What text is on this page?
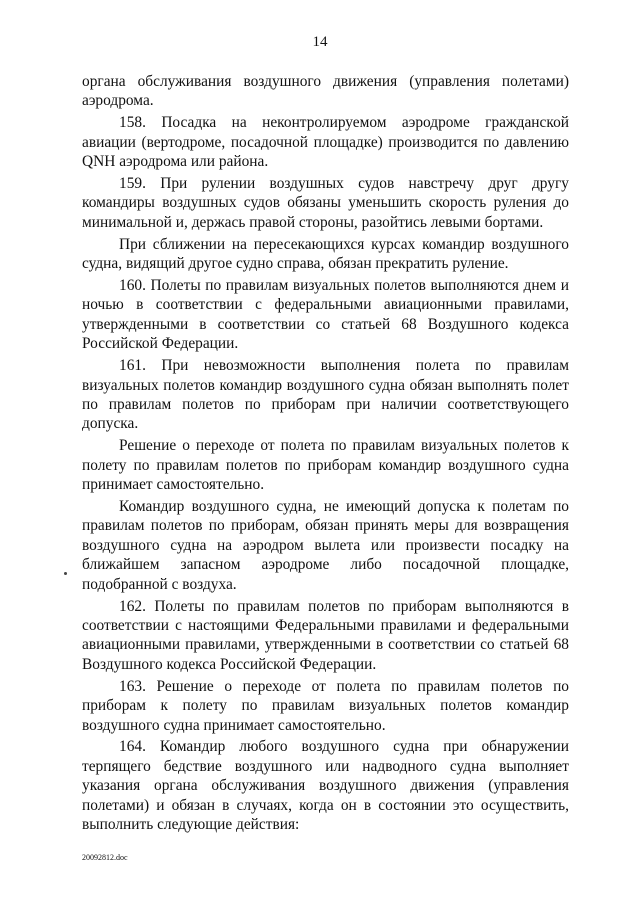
14

органа обслуживания воздушного движения (управления полетами) аэродрома.

158. Посадка на неконтролируемом аэродроме гражданской авиации (вертодроме, посадочной площадке) производится по давлению QNH аэродрома или района.

159. При рулении воздушных судов навстречу друг другу командиры воздушных судов обязаны уменьшить скорость руления до минимальной и, держась правой стороны, разойтись левыми бортами.

При сближении на пересекающихся курсах командир воздушного судна, видящий другое судно справа, обязан прекратить руление.

160. Полеты по правилам визуальных полетов выполняются днем и ночью в соответствии с федеральными авиационными правилами, утвержденными в соответствии со статьей 68 Воздушного кодекса Российской Федерации.

161. При невозможности выполнения полета по правилам визуальных полетов командир воздушного судна обязан выполнять полет по правилам полетов по приборам при наличии соответствующего допуска.

Решение о переходе от полета по правилам визуальных полетов к полету по правилам полетов по приборам командир воздушного судна принимает самостоятельно.

Командир воздушного судна, не имеющий допуска к полетам по правилам полетов по приборам, обязан принять меры для возвращения воздушного судна на аэродром вылета или произвести посадку на ближайшем запасном аэродроме либо посадочной площадке, подобранной с воздуха.

162. Полеты по правилам полетов по приборам выполняются в соответствии с настоящими Федеральными правилами и федеральными авиационными правилами, утвержденными в соответствии со статьей 68 Воздушного кодекса Российской Федерации.

163. Решение о переходе от полета по правилам полетов по приборам к полету по правилам визуальных полетов командир воздушного судна принимает самостоятельно.

164. Командир любого воздушного судна при обнаружении терпящего бедствие воздушного или надводного судна выполняет указания органа обслуживания воздушного движения (управления полетами) и обязан в случаях, когда он в состоянии это осуществить, выполнить следующие действия:

20092812.doc
